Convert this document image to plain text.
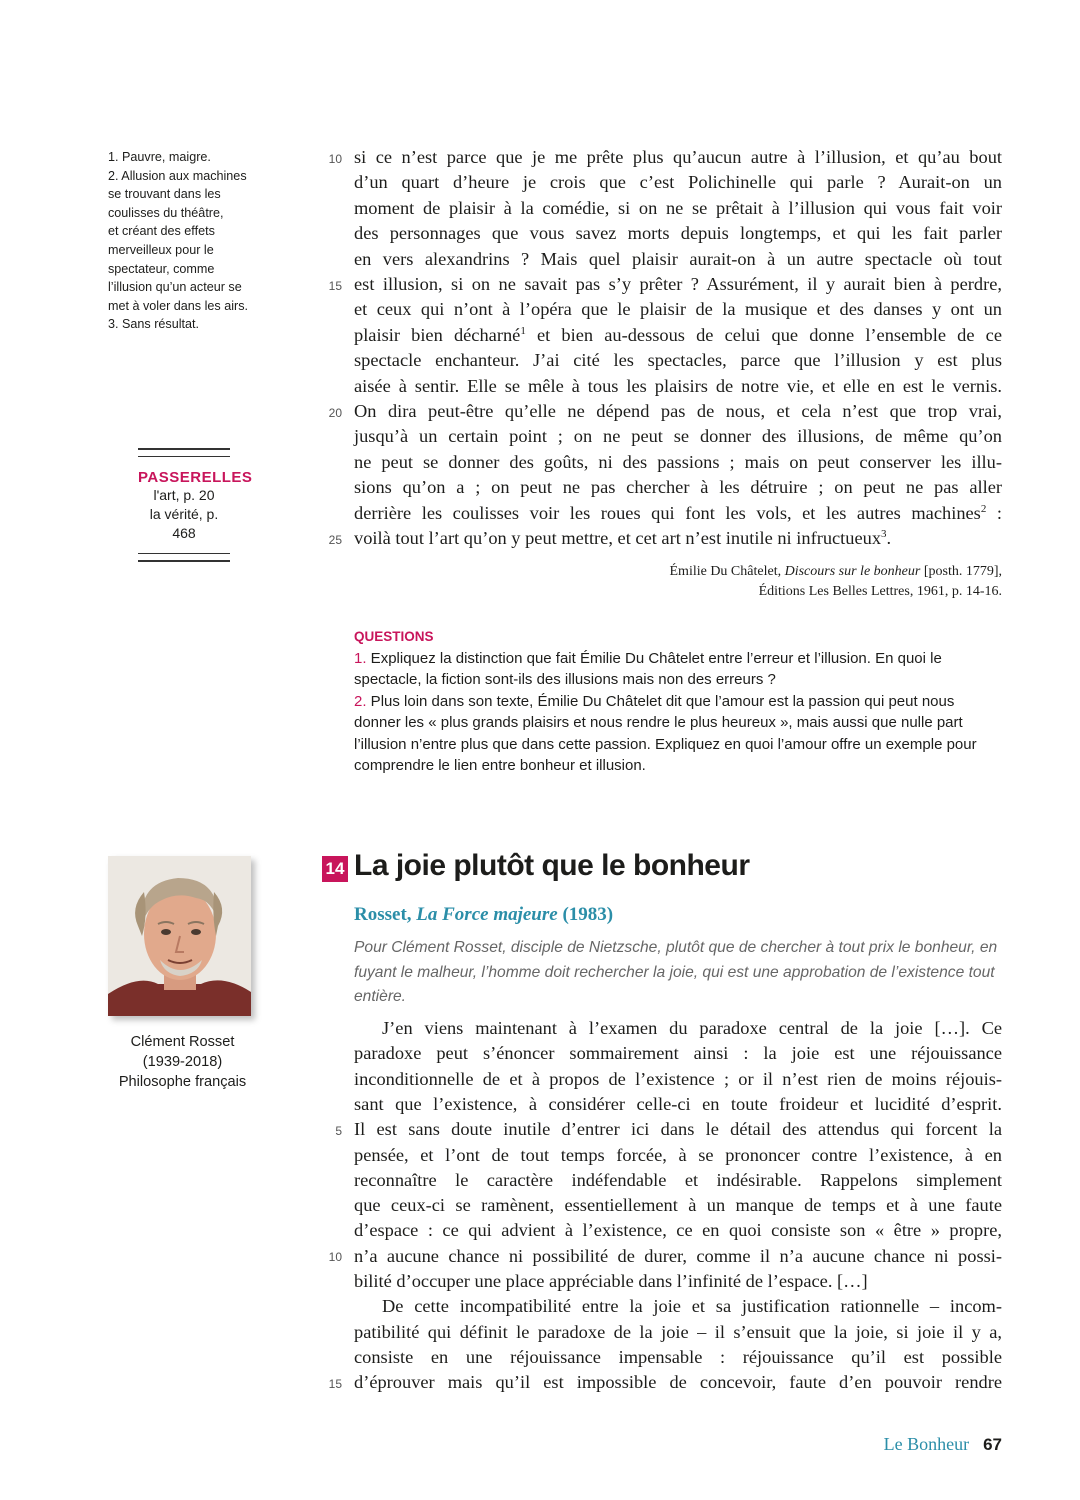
1. Pauvre, maigre.
2. Allusion aux machines
se trouvant dans les
coulisses du théâtre,
et créant des effets
merveilleux pour le
spectateur, comme
l’illusion qu’un acteur se
met à voler dans les airs.
3. Sans résultat.
PASSERELLES
l'art, p. 20
la vérité, p. 468
10
15
20
25
si ce n’est parce que je me prête plus qu’aucun autre à l’illusion, et qu’au bout
d’un quart d’heure je crois que c’est Polichinelle qui parle ? Aurait-on un
moment de plaisir à la comédie, si on ne se prêtait à l’illusion qui vous fait voir
des personnages que vous savez morts depuis longtemps, et qui les fait parler
en vers alexandrins ? Mais quel plaisir aurait-on à un autre spectacle où tout
est illusion, si on ne savait pas s’y prêter ? Assurément, il y aurait bien à perdre,
et ceux qui n’ont à l’opéra que le plaisir de la musique et des danses y ont un
plaisir bien décharné$^1$ et bien au-dessous de celui que donne l’ensemble de ce
spectacle enchanteur. J’ai cité les spectacles, parce que l’illusion y est plus
aisée à sentir. Elle se mêle à tous les plaisirs de notre vie, et elle en est le vernis.
On dira peut-être qu’elle ne dépend pas de nous, et cela n’est que trop vrai,
jusqu’à un certain point ; on ne peut se donner des illusions, de même qu’on
ne peut se donner des goûts, ni des passions ; mais on peut conserver les illu-
sions qu’on a ; on peut ne pas chercher à les détruire ; on peut ne pas aller
derrière les coulisses voir les roues qui font les vols, et les autres machines$^2$ :
voilà tout l’art qu’on y peut mettre, et cet art n’est inutile ni infructueux$^3$.
Émilie Du Châtelet, Discours sur le bonheur [posth. 1779],
Éditions Les Belles Lettres, 1961, p. 14-16.
QUESTIONS
1. Expliquez la distinction que fait Émilie Du Châtelet entre l’erreur et l’illusion. En quoi le spectacle, la fiction sont-ils des illusions mais non des erreurs ?
2. Plus loin dans son texte, Émilie Du Châtelet dit que l’amour est la passion qui peut nous donner les « plus grands plaisirs et nous rendre le plus heureux », mais aussi que nulle part l’illusion n’entre plus que dans cette passion. Expliquez en quoi l’amour offre un exemple pour comprendre le lien entre bonheur et illusion.
Clément Rosset
(1939-2018)
Philosophe français
14 La joie plutôt que le bonheur
Rosset, La Force majeure (1983)
Pour Clément Rosset, disciple de Nietzsche, plutôt que de chercher à tout prix le bonheur, en fuyant le malheur, l’homme doit rechercher la joie, qui est une approbation de l’existence tout entière.
5
10
15
J’en viens maintenant à l’examen du paradoxe central de la joie […]. Ce
paradoxe peut s’énoncer sommairement ainsi : la joie est une réjouissance
inconditionnelle de et à propos de l’existence ; or il n’est rien de moins réjouis-
sant que l’existence, à considérer celle-ci en toute froideur et lucidité d’esprit.
Il est sans doute inutile d’entrer ici dans le détail des attendus qui forcent la
pensée, et l’ont de tout temps forcée, à se prononcer contre l’existence, à en
reconnaître le caractère indéfendable et indésirable. Rappelons simplement
que ceux-ci se ramènent, essentiellement à un manque de temps et à une faute
d’espace : ce qui advient à l’existence, ce en quoi consiste son « être » propre,
n’a aucune chance ni possibilité de durer, comme il n’a aucune chance ni possi-
bilité d’occuper une place appréciable dans l’infinité de l’espace. […]
De cette incompatibilité entre la joie et sa justification rationnelle – incom-
patibilité qui définit le paradoxe de la joie – il s’ensuit que la joie, si joie il y a,
consiste en une réjouissance impensable : réjouissance qu’il est possible
d’éprouver mais qu’il est impossible de concevoir, faute d’en pouvoir rendre
Le Bonheur 67
